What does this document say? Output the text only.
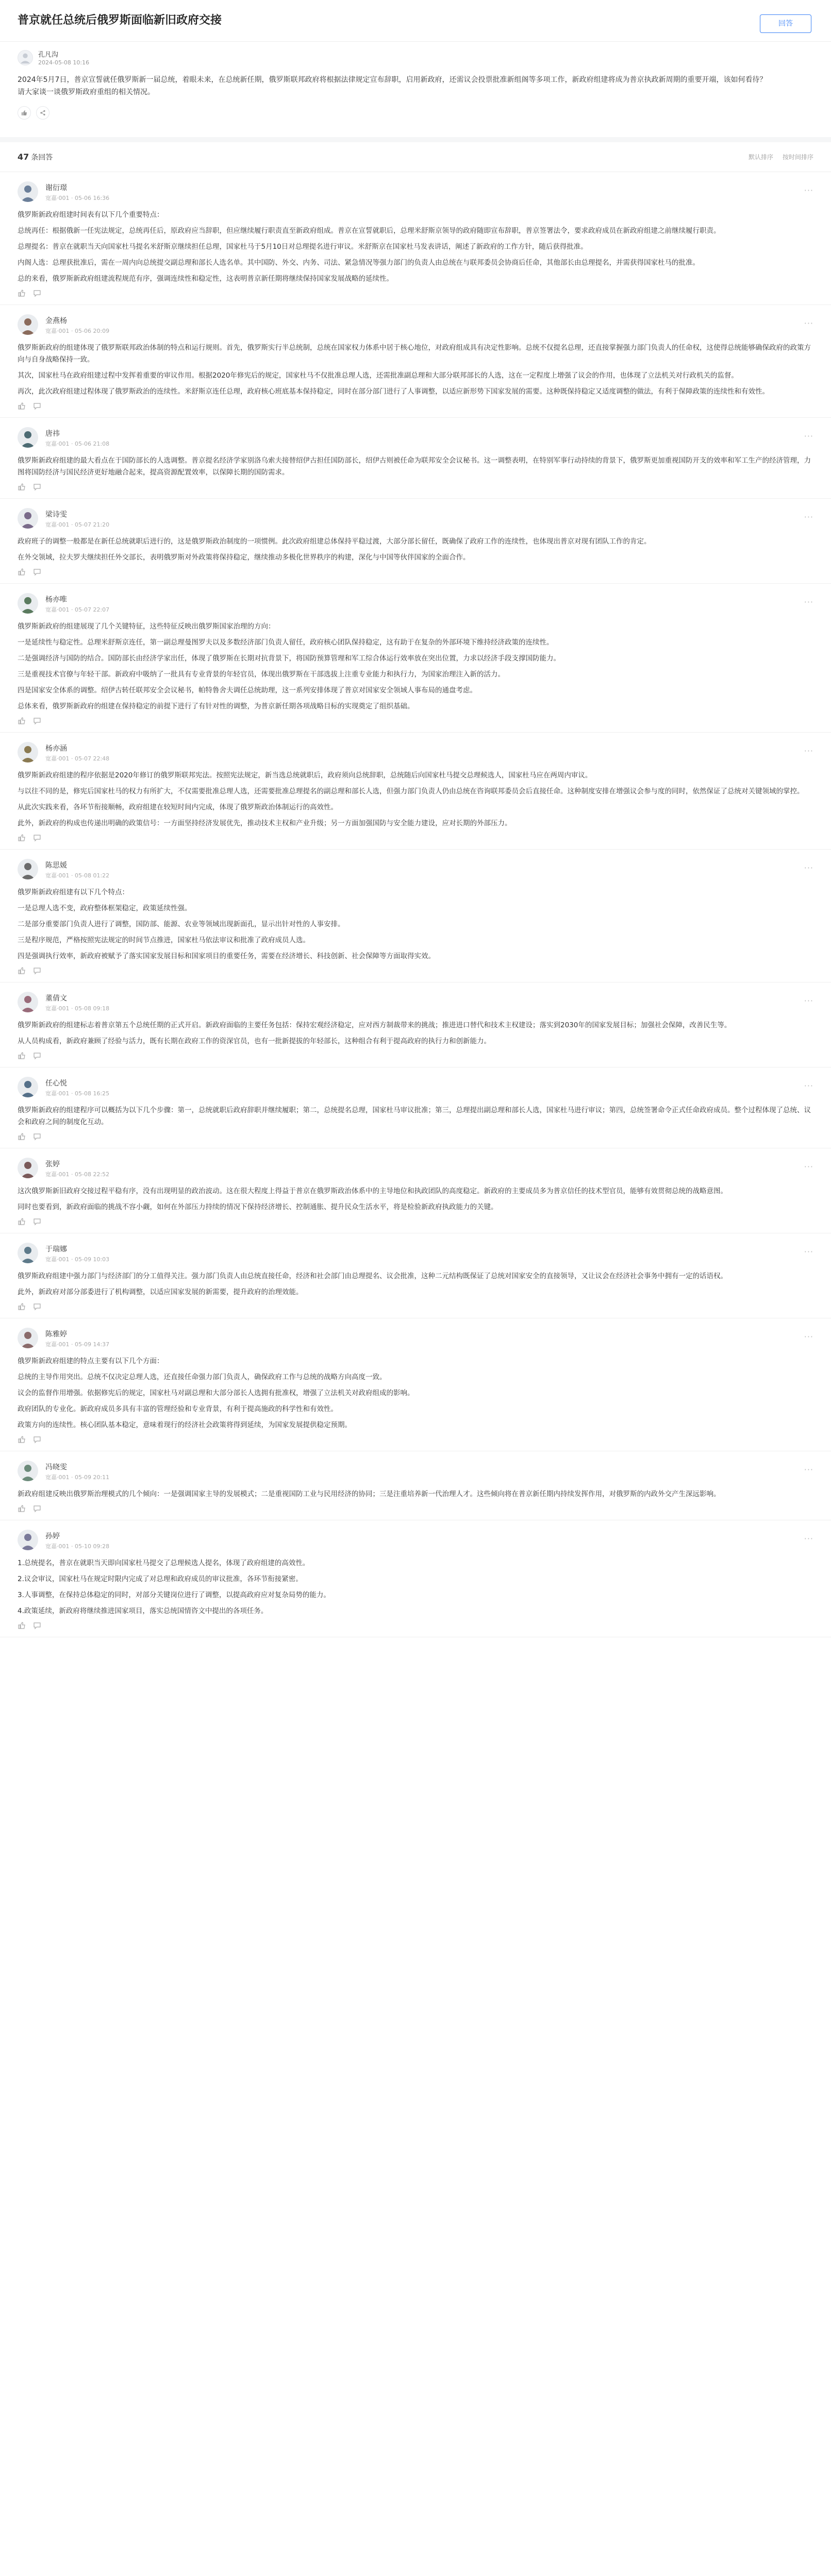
普京就任总统后俄罗斯面临新旧政府交接	回答
孔凡沟
2024-05-08 10:16

2024年5月7日，普京宣誓就任俄罗斯新一届总统，着眼未来，在总统新任期，俄罗斯联邦政府将根据法律规定宣布辞职，启用新政府，还需议会投票批准新组阁等多项工作，新政府组建将成为普京执政新周期的重要开端，该如何看待？

请大家谈一谈俄罗斯政府重组的相关情况。

47 条回答	默认排序 按时间排序
谢衍璟
宽嘉·001 · 05-06 16:36
···

俄罗斯新政府组建时间表有以下几个重要特点：

总统再任：根据俄新一任宪法规定，总统再任后，原政府应当辞职，但应继续履行职责直至新政府组成。普京在宣誓就职后，总理米舒斯京领导的政府随即宣布辞职，普京签署法令，要求政府成员在新政府组建之前继续履行职责。

总理提名：普京在就职当天向国家杜马提名米舒斯京继续担任总理，国家杜马于5月10日对总理提名进行审议。米舒斯京在国家杜马发表讲话，阐述了新政府的工作方针，随后获得批准。

内阁人选：总理获批准后，需在一周内向总统提交副总理和部长人选名单。其中国防、外交、内务、司法、紧急情况等强力部门的负责人由总统在与联邦委员会协商后任命，其他部长由总理提名，并需获得国家杜马的批准。

总的来看，俄罗斯新政府组建流程规范有序，强调连续性和稳定性，这表明普京新任期将继续保持国家发展战略的延续性。

金燕杨
宽嘉·001 · 05-06 20:09
···

俄罗斯新政府的组建体现了俄罗斯联邦政治体制的特点和运行规则。首先，俄罗斯实行半总统制，总统在国家权力体系中居于核心地位，对政府组成具有决定性影响。总统不仅提名总理，还直接掌握强力部门负责人的任命权，这使得总统能够确保政府的政策方向与自身战略保持一致。

其次，国家杜马在政府组建过程中发挥着重要的审议作用。根据2020年修宪后的规定，国家杜马不仅批准总理人选，还需批准副总理和大部分联邦部长的人选，这在一定程度上增强了议会的作用，也体现了立法机关对行政机关的监督。

再次，此次政府组建过程体现了俄罗斯政治的连续性。米舒斯京连任总理，政府核心班底基本保持稳定，同时在部分部门进行了人事调整，以适应新形势下国家发展的需要。这种既保持稳定又适度调整的做法，有利于保障政策的连续性和有效性。

唐祎
宽嘉·001 · 05-06 21:08
···

俄罗斯新政府组建的最大看点在于国防部长的人选调整。普京提名经济学家别洛乌索夫接替绍伊古担任国防部长，绍伊古则被任命为联邦安全会议秘书。这一调整表明，在特别军事行动持续的背景下，俄罗斯更加重视国防开支的效率和军工生产的经济管理，力图将国防经济与国民经济更好地融合起来，提高资源配置效率，以保障长期的国防需求。

梁诗雯
宽嘉·001 · 05-07 21:20
···

政府班子的调整一般都是在新任总统就职后进行的，这是俄罗斯政治制度的一项惯例。此次政府组建总体保持平稳过渡，大部分部长留任，既确保了政府工作的连续性，也体现出普京对现有团队工作的肯定。

在外交领域，拉夫罗夫继续担任外交部长，表明俄罗斯对外政策将保持稳定，继续推动多极化世界秩序的构建，深化与中国等伙伴国家的全面合作。

杨亦唯
宽嘉·001 · 05-07 22:07
···

俄罗斯新政府的组建展现了几个关键特征，这些特征反映出俄罗斯国家治理的方向：

一是延续性与稳定性。总理米舒斯京连任，第一副总理曼图罗夫以及多数经济部门负责人留任，政府核心团队保持稳定，这有助于在复杂的外部环境下维持经济政策的连续性。

二是强调经济与国防的结合。国防部长由经济学家出任，体现了俄罗斯在长期对抗背景下，将国防预算管理和军工综合体运行效率放在突出位置，力求以经济手段支撑国防能力。

三是重视技术官僚与年轻干部。新政府中吸纳了一批具有专业背景的年轻官员，体现出俄罗斯在干部选拔上注重专业能力和执行力，为国家治理注入新的活力。

四是国家安全体系的调整。绍伊古转任联邦安全会议秘书，帕特鲁舍夫调任总统助理，这一系列安排体现了普京对国家安全领域人事布局的通盘考虑。

总体来看，俄罗斯新政府的组建在保持稳定的前提下进行了有针对性的调整，为普京新任期各项战略目标的实现奠定了组织基础。

杨亦涵
宽嘉·001 · 05-07 22:48
···

俄罗斯新政府组建的程序依据是2020年修订的俄罗斯联邦宪法。按照宪法规定，新当选总统就职后，政府须向总统辞职，总统随后向国家杜马提交总理候选人，国家杜马应在两周内审议。

与以往不同的是，修宪后国家杜马的权力有所扩大，不仅需要批准总理人选，还需要批准总理提名的副总理和部长人选，但强力部门负责人仍由总统在咨询联邦委员会后直接任命。这种制度安排在增强议会参与度的同时，依然保证了总统对关键领域的掌控。

从此次实践来看，各环节衔接顺畅，政府组建在较短时间内完成，体现了俄罗斯政治体制运行的高效性。

此外，新政府的构成也传递出明确的政策信号：一方面坚持经济发展优先，推动技术主权和产业升级；另一方面加强国防与安全能力建设，应对长期的外部压力。

陈思媛
宽嘉·001 · 05-08 01:22
···

俄罗斯新政府组建有以下几个特点：

一是总理人选不变，政府整体框架稳定，政策延续性强。

二是部分重要部门负责人进行了调整，国防部、能源、农业等领域出现新面孔，显示出针对性的人事安排。

三是程序规范，严格按照宪法规定的时间节点推进，国家杜马依法审议和批准了政府成员人选。

四是强调执行效率，新政府被赋予了落实国家发展目标和国家项目的重要任务，需要在经济增长、科技创新、社会保障等方面取得实效。

董倩文
宽嘉·001 · 05-08 09:18
···

俄罗斯新政府的组建标志着普京第五个总统任期的正式开启。新政府面临的主要任务包括：保持宏观经济稳定，应对西方制裁带来的挑战；推进进口替代和技术主权建设；落实到2030年的国家发展目标；加强社会保障，改善民生等。

从人员构成看，新政府兼顾了经验与活力，既有长期在政府工作的资深官员，也有一批新提拔的年轻部长，这种组合有利于提高政府的执行力和创新能力。

任心悦
宽嘉·001 · 05-08 16:25
···

俄罗斯新政府的组建程序可以概括为以下几个步骤：第一，总统就职后政府辞职并继续履职；第二，总统提名总理，国家杜马审议批准；第三，总理提出副总理和部长人选，国家杜马进行审议；第四，总统签署命令正式任命政府成员。整个过程体现了总统、议会和政府之间的制度化互动。

张婷
宽嘉·001 · 05-08 22:52
···

这次俄罗斯新旧政府交接过程平稳有序，没有出现明显的政治波动。这在很大程度上得益于普京在俄罗斯政治体系中的主导地位和执政团队的高度稳定。新政府的主要成员多为普京信任的技术型官员，能够有效贯彻总统的战略意图。

同时也要看到，新政府面临的挑战不容小觑，如何在外部压力持续的情况下保持经济增长、控制通胀、提升民众生活水平，将是检验新政府执政能力的关键。

于瑞娜
宽嘉·001 · 05-09 10:03
···

俄罗斯政府组建中强力部门与经济部门的分工值得关注。强力部门负责人由总统直接任命，经济和社会部门由总理提名、议会批准，这种二元结构既保证了总统对国家安全的直接领导，又让议会在经济社会事务中拥有一定的话语权。

此外，新政府对部分部委进行了机构调整，以适应国家发展的新需要，提升政府的治理效能。

陈雅婷
宽嘉·001 · 05-09 14:37
···

俄罗斯新政府组建的特点主要有以下几个方面：

总统的主导作用突出。总统不仅决定总理人选，还直接任命强力部门负责人，确保政府工作与总统的战略方向高度一致。

议会的监督作用增强。依据修宪后的规定，国家杜马对副总理和大部分部长人选拥有批准权，增强了立法机关对政府组成的影响。

政府团队的专业化。新政府成员多具有丰富的管理经验和专业背景，有利于提高施政的科学性和有效性。

政策方向的连续性。核心团队基本稳定，意味着现行的经济社会政策将得到延续，为国家发展提供稳定预期。

冯晓雯
宽嘉·001 · 05-09 20:11
···

新政府组建反映出俄罗斯治理模式的几个倾向：一是强调国家主导的发展模式；二是重视国防工业与民用经济的协同；三是注重培养新一代治理人才。这些倾向将在普京新任期内持续发挥作用，对俄罗斯的内政外交产生深远影响。

孙婷
宽嘉·001 · 05-10 09:28
···

1.总统提名，普京在就职当天即向国家杜马提交了总理候选人提名，体现了政府组建的高效性。

2.议会审议，国家杜马在规定时限内完成了对总理和政府成员的审议批准，各环节衔接紧密。

3.人事调整，在保持总体稳定的同时，对部分关键岗位进行了调整，以提高政府应对复杂局势的能力。

4.政策延续，新政府将继续推进国家项目，落实总统国情咨文中提出的各项任务。
